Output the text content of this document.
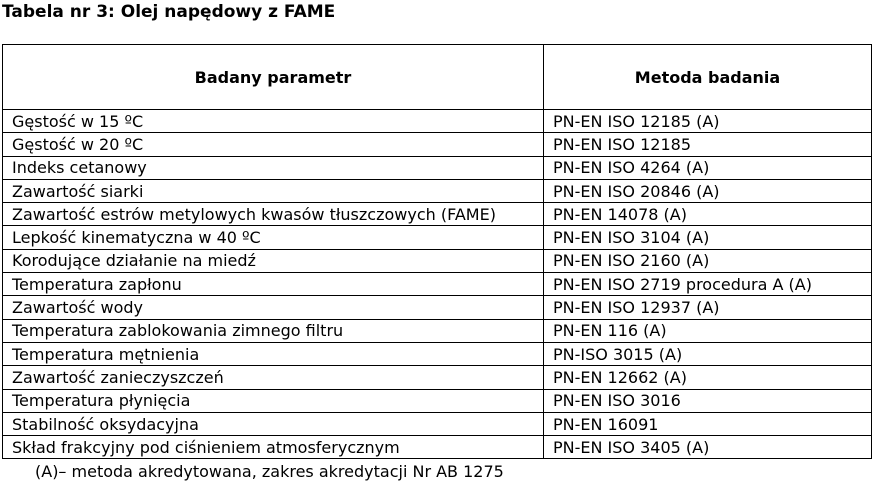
Tabela nr 3: Olej napędowy z FAME
Badany parametr	Metoda badania
Gęstość w 15 ºC	PN-EN ISO 12185 (A)
Gęstość w 20 ºC	PN-EN ISO 12185
Indeks cetanowy	PN-EN ISO 4264 (A)
Zawartość siarki	PN-EN ISO 20846 (A)
Zawartość estrów metylowych kwasów tłuszczowych (FAME)	PN-EN 14078 (A)
Lepkość kinematyczna w 40 ºC	PN-EN ISO 3104 (A)
Korodujące działanie na miedź	PN-EN ISO 2160 (A)
Temperatura zapłonu	PN-EN ISO 2719 procedura A (A)
Zawartość wody	PN-EN ISO 12937 (A)
Temperatura zablokowania zimnego filtru	PN-EN 116 (A)
Temperatura mętnienia	PN-ISO 3015 (A)
Zawartość zanieczyszczeń	PN-EN 12662 (A)
Temperatura płynięcia	PN-EN ISO 3016
Stabilność oksydacyjna	PN-EN 16091
Skład frakcyjny pod ciśnieniem atmosferycznym	PN-EN ISO 3405 (A)
(A)– metoda akredytowana, zakres akredytacji Nr AB 1275
